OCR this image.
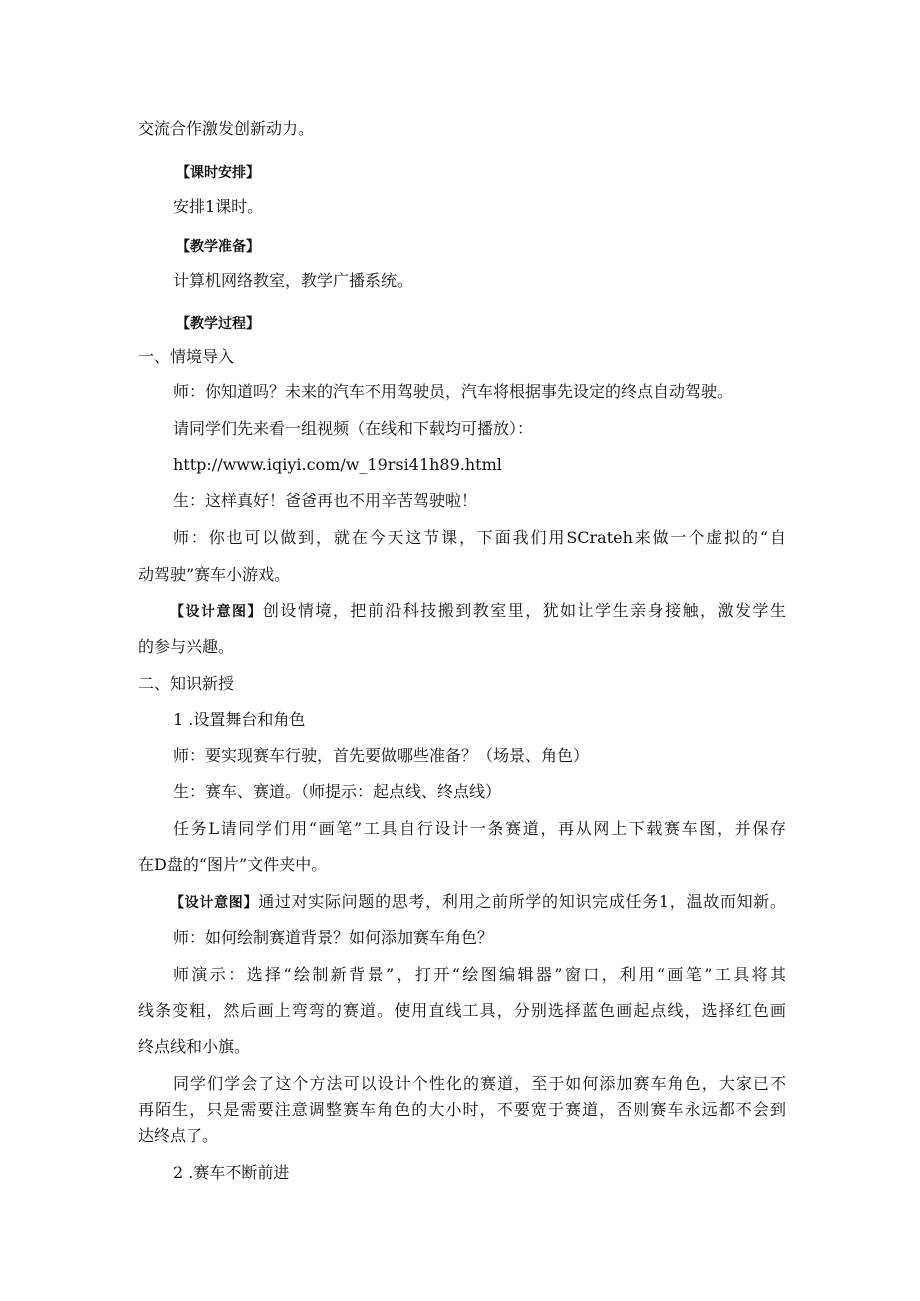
交流合作激发创新动力。
【课时安排】
安排1课时。
【教学准备】
计算机网络教室，教学广播系统。
【教学过程】
一、情境导入
师：你知道吗？未来的汽车不用驾驶员，汽车将根据事先设定的终点自动驾驶。
请同学们先来看一组视频（在线和下载均可播放）：
http://www.iqiyi.com/w_19rsi41h89.html
生：这样真好！爸爸再也不用辛苦驾驶啦！
师：你也可以做到，就在今天这节课，下面我们用SCrateh来做一个虚拟的“自
动驾驶”赛车小游戏。
【设计意图】创设情境，把前沿科技搬到教室里，犹如让学生亲身接触，激发学生
的参与兴趣。
二、知识新授
1 .设置舞台和角色
师：要实现赛车行驶，首先要做哪些准备？（场景、角色）
生：赛车、赛道。（师提示：起点线、终点线）
任务L请同学们用“画笔”工具自行设计一条赛道，再从网上下载赛车图，并保存
在D盘的“图片”文件夹中。
【设计意图】通过对实际问题的思考，利用之前所学的知识完成任务1，温故而知新。
师：如何绘制赛道背景？如何添加赛车角色？
师演示：选择“绘制新背景”，打开“绘图编辑器”窗口，利用“画笔”工具将其
线条变粗，然后画上弯弯的赛道。使用直线工具，分别选择蓝色画起点线，选择红色画
终点线和小旗。
同学们学会了这个方法可以设计个性化的赛道，至于如何添加赛车角色，大家已不
再陌生，只是需要注意调整赛车角色的大小时，不要宽于赛道，否则赛车永远都不会到
达终点了。
2 .赛车不断前进
